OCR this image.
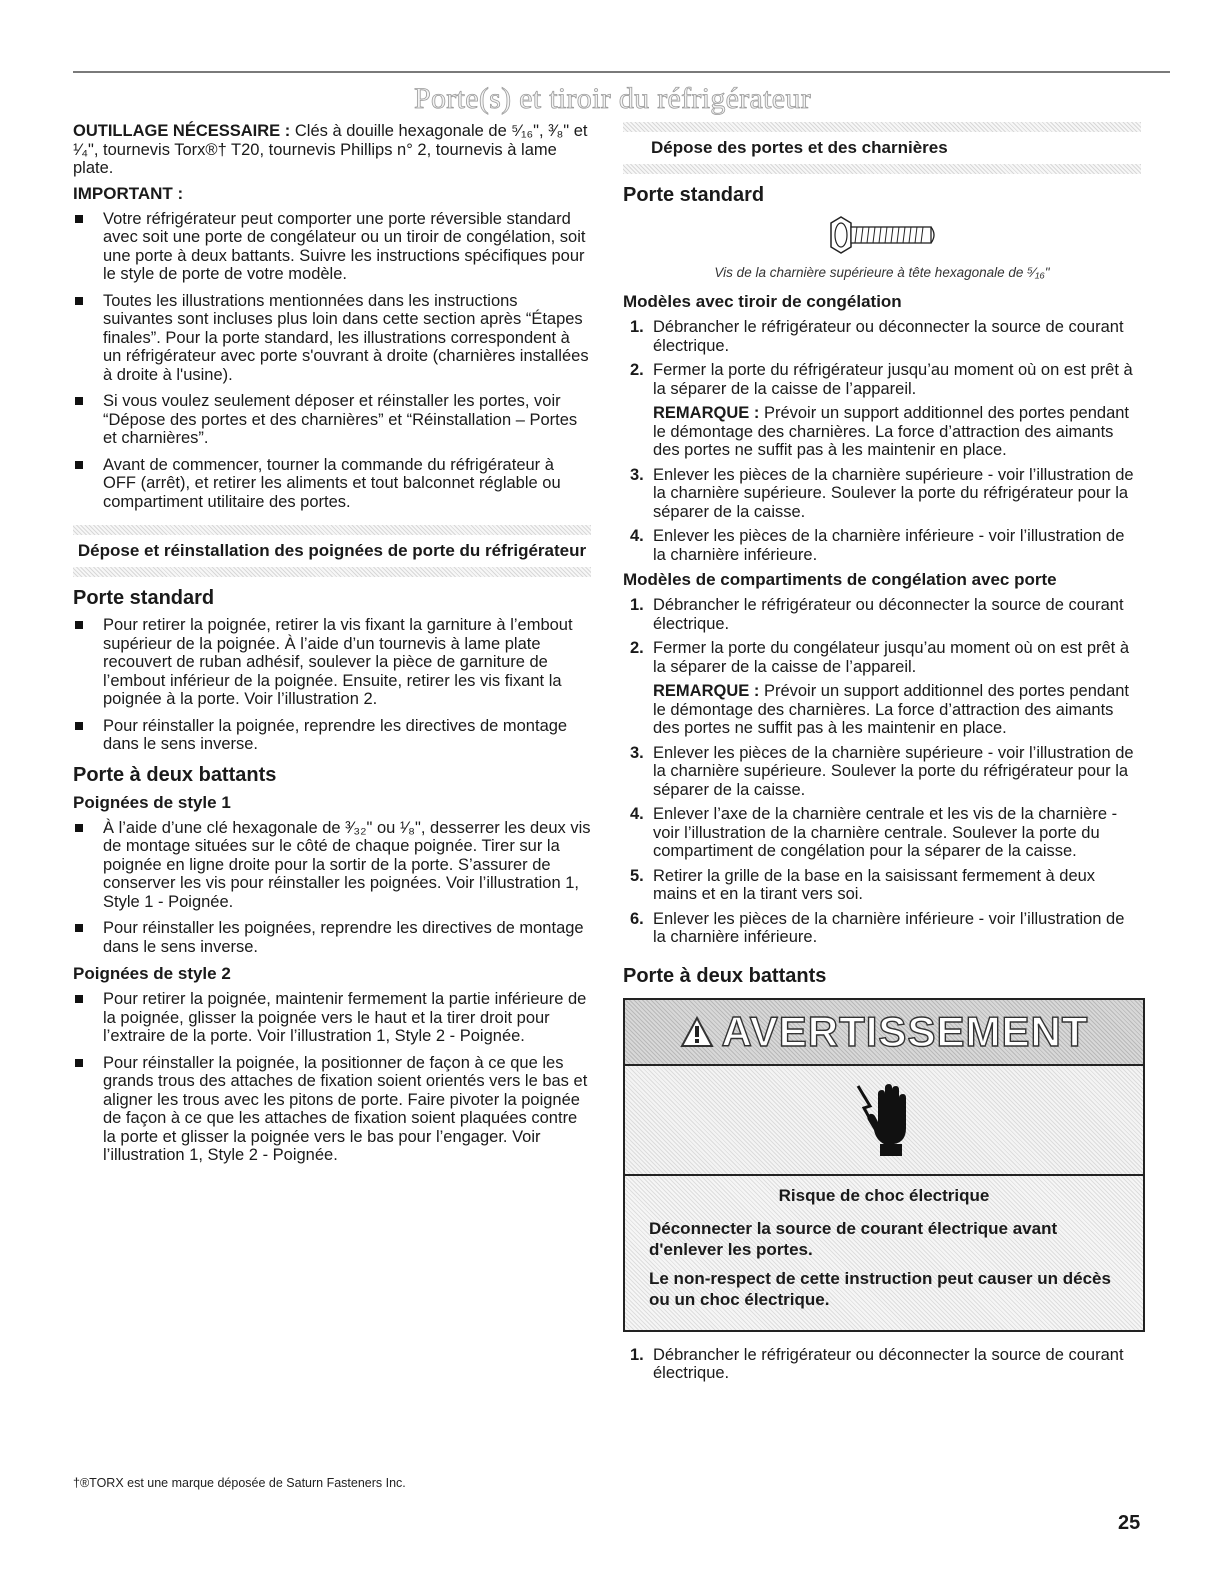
Porte(s) et tiroir du réfrigérateur

OUTILLAGE NÉCESSAIRE : Clés à douille hexagonale de ⁵⁄₁₆", ³⁄₈" et ¹⁄₄", tournevis Torx®† T20, tournevis Phillips n° 2, tournevis à lame plate.

IMPORTANT :
Votre réfrigérateur peut comporter une porte réversible standard avec soit une porte de congélateur ou un tiroir de congélation, soit une porte à deux battants. Suivre les instructions spécifiques pour le style de porte de votre modèle.
Toutes les illustrations mentionnées dans les instructions suivantes sont incluses plus loin dans cette section après “Étapes finales”. Pour la porte standard, les illustrations correspondent à un réfrigérateur avec porte s'ouvrant à droite (charnières installées à droite à l'usine).
Si vous voulez seulement déposer et réinstaller les portes, voir “Dépose des portes et des charnières” et “Réinstallation – Portes et charnières”.
Avant de commencer, tourner la commande du réfrigérateur à OFF (arrêt), et retirer les aliments et tout balconnet réglable ou compartiment utilitaire des portes.
Dépose et réinstallation des poignées de porte du réfrigérateur
Porte standard
Pour retirer la poignée, retirer la vis fixant la garniture à l’embout supérieur de la poignée. À l’aide d’un tournevis à lame plate recouvert de ruban adhésif, soulever la pièce de garniture de l’embout inférieur de la poignée. Ensuite, retirer les vis fixant la poignée à la porte. Voir l’illustration 2.
Pour réinstaller la poignée, reprendre les directives de montage dans le sens inverse.
Porte à deux battants
Poignées de style 1
À l’aide d’une clé hexagonale de ³⁄₃₂" ou ¹⁄₈", desserrer les deux vis de montage situées sur le côté de chaque poignée. Tirer sur la poignée en ligne droite pour la sortir de la porte. S’assurer de conserver les vis pour réinstaller les poignées. Voir l’illustration 1, Style 1 - Poignée.
Pour réinstaller les poignées, reprendre les directives de montage dans le sens inverse.
Poignées de style 2
Pour retirer la poignée, maintenir fermement la partie inférieure de la poignée, glisser la poignée vers le haut et la tirer droit pour l’extraire de la porte. Voir l’illustration 1, Style 2 - Poignée.
Pour réinstaller la poignée, la positionner de façon à ce que les grands trous des attaches de fixation soient orientés vers le bas et aligner les trous avec les pitons de porte. Faire pivoter la poignée de façon à ce que les attaches de fixation soient plaquées contre la porte et glisser la poignée vers le bas pour l’engager. Voir l’illustration 1, Style 2 - Poignée.
Dépose des portes et des charnières
Porte standard
Vis de la charnière supérieure à tête hexagonale de ⁵⁄₁₆"
Modèles avec tiroir de congélation
1. Débrancher le réfrigérateur ou déconnecter la source de courant électrique.
2. Fermer la porte du réfrigérateur jusqu’au moment où on est prêt à la séparer de la caisse de l’appareil.

REMARQUE : Prévoir un support additionnel des portes pendant le démontage des charnières. La force d’attraction des aimants des portes ne suffit pas à les maintenir en place.

3. Enlever les pièces de la charnière supérieure - voir l’illustration de la charnière supérieure. Soulever la porte du réfrigérateur pour la séparer de la caisse.
4. Enlever les pièces de la charnière inférieure - voir l’illustration de la charnière inférieure.
Modèles de compartiments de congélation avec porte
1. Débrancher le réfrigérateur ou déconnecter la source de courant électrique.
2. Fermer la porte du congélateur jusqu’au moment où on est prêt à la séparer de la caisse de l’appareil.

REMARQUE : Prévoir un support additionnel des portes pendant le démontage des charnières. La force d’attraction des aimants des portes ne suffit pas à les maintenir en place.

3. Enlever les pièces de la charnière supérieure - voir l’illustration de la charnière supérieure. Soulever la porte du réfrigérateur pour la séparer de la caisse.
4. Enlever l’axe de la charnière centrale et les vis de la charnière - voir l’illustration de la charnière centrale. Soulever la porte du compartiment de congélation pour la séparer de la caisse.
5. Retirer la grille de la base en la saisissant fermement à deux mains et en la tirant vers soi.
6. Enlever les pièces de la charnière inférieure - voir l’illustration de la charnière inférieure.
Porte à deux battants
AVERTISSEMENT
Risque de choc électrique
Déconnecter la source de courant électrique avant d'enlever les portes.
Le non-respect de cette instruction peut causer un décès ou un choc électrique.
1. Débrancher le réfrigérateur ou déconnecter la source de courant électrique.
†®TORX est une marque déposée de Saturn Fasteners Inc.
25
